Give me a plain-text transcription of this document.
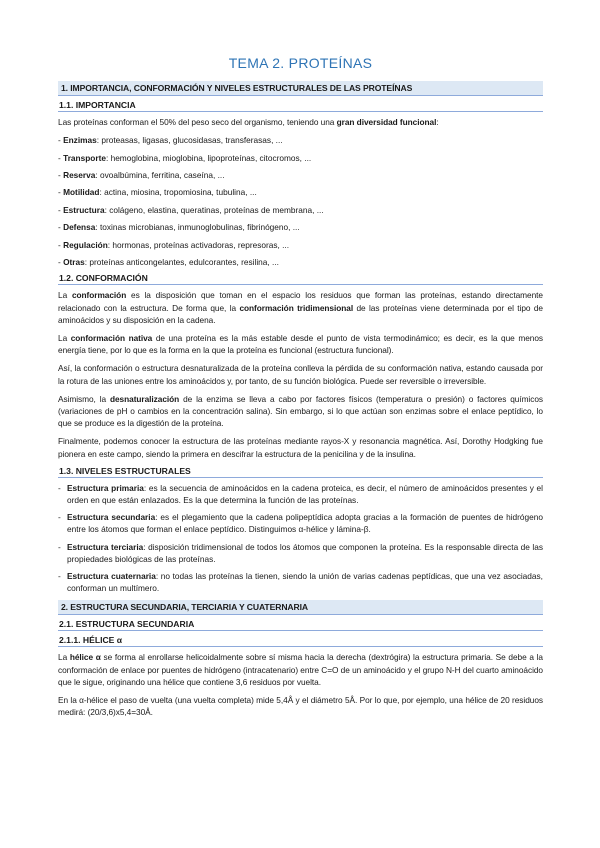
TEMA 2. PROTEÍNAS
1. IMPORTANCIA, CONFORMACIÓN Y NIVELES ESTRUCTURALES DE LAS PROTEÍNAS
1.1. IMPORTANCIA

Las proteínas conforman el 50% del peso seco del organismo, teniendo una gran diversidad funcional:

- Enzimas: proteasas, ligasas, glucosidasas, transferasas, ...
- Transporte: hemoglobina, mioglobina, lipoproteínas, citocromos, ...
- Reserva: ovoalbúmina, ferritina, caseína, ...
- Motilidad: actina, miosina, tropomiosina, tubulina, ...
- Estructura: colágeno, elastina, queratinas, proteínas de membrana, ...
- Defensa: toxinas microbianas, inmunoglobulinas, fibrinógeno, ...
- Regulación: hormonas, proteínas activadoras, represoras, ...
- Otras: proteínas anticongelantes, edulcorantes, resilina, ...
1.2. CONFORMACIÓN

La conformación es la disposición que toman en el espacio los residuos que forman las proteínas, estando directamente relacionado con la estructura. De forma que, la conformación tridimensional de las proteínas viene determinada por el tipo de aminoácidos y su disposición en la cadena.

La conformación nativa de una proteína es la más estable desde el punto de vista termodinámico; es decir, es la que menos energía tiene, por lo que es la forma en la que la proteína es funcional (estructura funcional).

Así, la conformación o estructura desnaturalizada de la proteína conlleva la pérdida de su conformación nativa, estando causada por la rotura de las uniones entre los aminoácidos y, por tanto, de su función biológica. Puede ser reversible o irreversible.

Asimismo, la desnaturalización de la enzima se lleva a cabo por factores físicos (temperatura o presión) o factores químicos (variaciones de pH o cambios en la concentración salina). Sin embargo, si lo que actúan son enzimas sobre el enlace peptídico, lo que se produce es la digestión de la proteína.

Finalmente, podemos conocer la estructura de las proteínas mediante rayos-X y resonancia magnética. Así, Dorothy Hodgking fue pionera en este campo, siendo la primera en descifrar la estructura de la penicilina y de la insulina.

1.3. NIVELES ESTRUCTURALES
- Estructura primaria: es la secuencia de aminoácidos en la cadena proteica, es decir, el número de aminoácidos presentes y el orden en que están enlazados. Es la que determina la función de las proteínas.
- Estructura secundaria: es el plegamiento que la cadena polipeptídica adopta gracias a la formación de puentes de hidrógeno entre los átomos que forman el enlace peptídico. Distinguimos α-hélice y lámina-β.
- Estructura terciaria: disposición tridimensional de todos los átomos que componen la proteína. Es la responsable directa de las propiedades biológicas de las proteínas.
- Estructura cuaternaria: no todas las proteínas la tienen, siendo la unión de varias cadenas peptídicas, que una vez asociadas, conforman un multímero.
2. ESTRUCTURA SECUNDARIA, TERCIARIA Y CUATERNARIA
2.1. ESTRUCTURA SECUNDARIA
2.1.1. HÉLICE α

La hélice α se forma al enrollarse helicoidalmente sobre sí misma hacia la derecha (dextrógira) la estructura primaria. Se debe a la conformación de enlace por puentes de hidrógeno (intracatenario) entre C=O de un aminoácido y el grupo N-H del cuarto aminoácido que le sigue, originando una hélice que contiene 3,6 residuos por vuelta.

En la α-hélice el paso de vuelta (una vuelta completa) mide 5,4Å y el diámetro 5Å. Por lo que, por ejemplo, una hélice de 20 residuos medirá: (20/3,6)x5,4=30Å.
